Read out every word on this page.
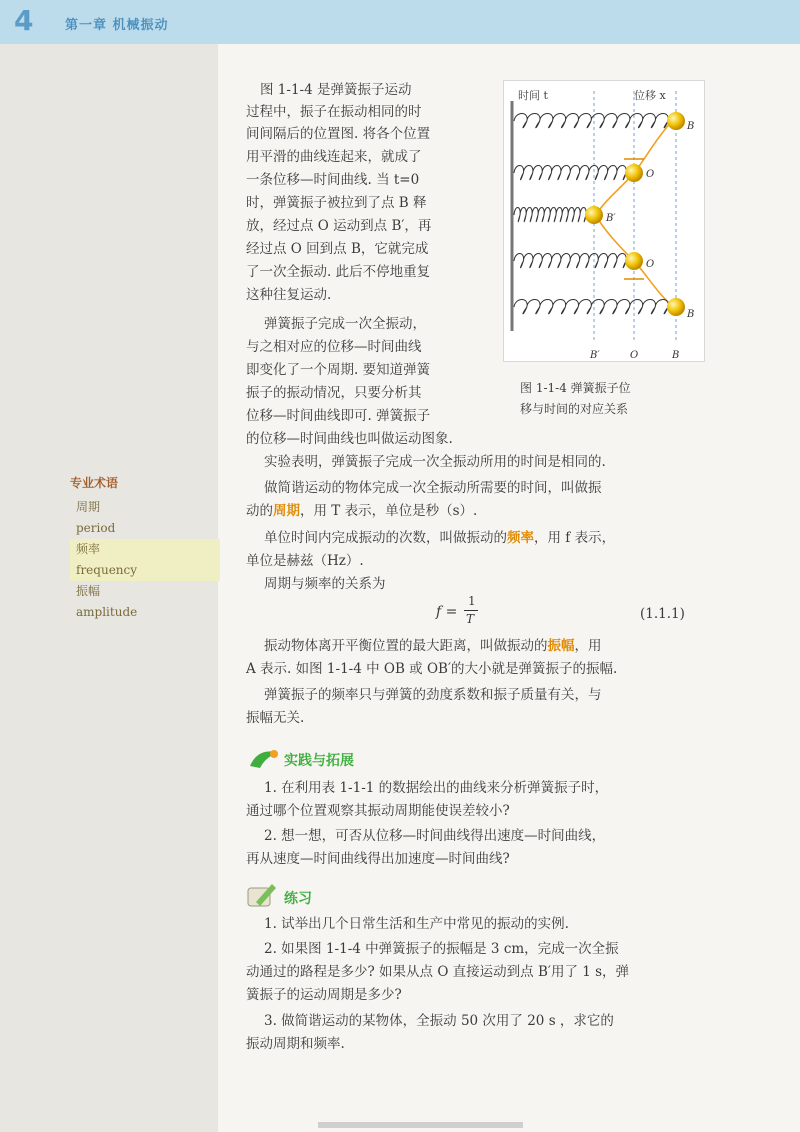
4 第一章 机械振动

图 1-1-4 是弹簧振子运动

过程中，振子在振动相同的时

间间隔后的位置图. 将各个位置

用平滑的曲线连起来，就成了

一条位移—时间曲线. 当 t=0

时，弹簧振子被拉到了点 B 释

放，经过点 O 运动到点 B′，再

经过点 O 回到点 B，它就完成

了一次全振动. 此后不停地重复

这种往复运动.

弹簧振子完成一次全振动，

与之相对应的位移—时间曲线

即变化了一个周期. 要知道弹簧

振子的振动情况，只要分析其

位移—时间曲线即可. 弹簧振子

的位移—时间曲线也叫做运动图象.

时间 t	位移 x
B
O
B′
O
B
B′	O	B
图 1-1-4 弹簧振子位
移与时间的对应关系
专业术语
周期
period
频率
frequency
振幅
amplitude

实验表明，弹簧振子完成一次全振动所用的时间是相同的.

做简谐运动的物体完成一次全振动所需要的时间，叫做振

动的周期，用 T 表示，单位是秒（s）.

单位时间内完成振动的次数，叫做振动的频率，用 f 表示，

单位是赫兹（Hz）.

周期与频率的关系为

f =
1
T	(1.1.1)

振动物体离开平衡位置的最大距离，叫做振动的振幅，用

A 表示. 如图 1-1-4 中 OB 或 OB′的大小就是弹簧振子的振幅.

弹簧振子的频率只与弹簧的劲度系数和振子质量有关，与

振幅无关.

实践与拓展

1. 在利用表 1-1-1 的数据绘出的曲线来分析弹簧振子时，

通过哪个位置观察其振动周期能使误差较小?

2. 想一想，可否从位移—时间曲线得出速度—时间曲线，

再从速度—时间曲线得出加速度—时间曲线?

练习

1. 试举出几个日常生活和生产中常见的振动的实例.

2. 如果图 1-1-4 中弹簧振子的振幅是 3 cm，完成一次全振

动通过的路程是多少? 如果从点 O 直接运动到点 B′用了 1 s，弹

簧振子的运动周期是多少?

3. 做简谐运动的某物体，全振动 50 次用了 20 s ，求它的

振动周期和频率.
